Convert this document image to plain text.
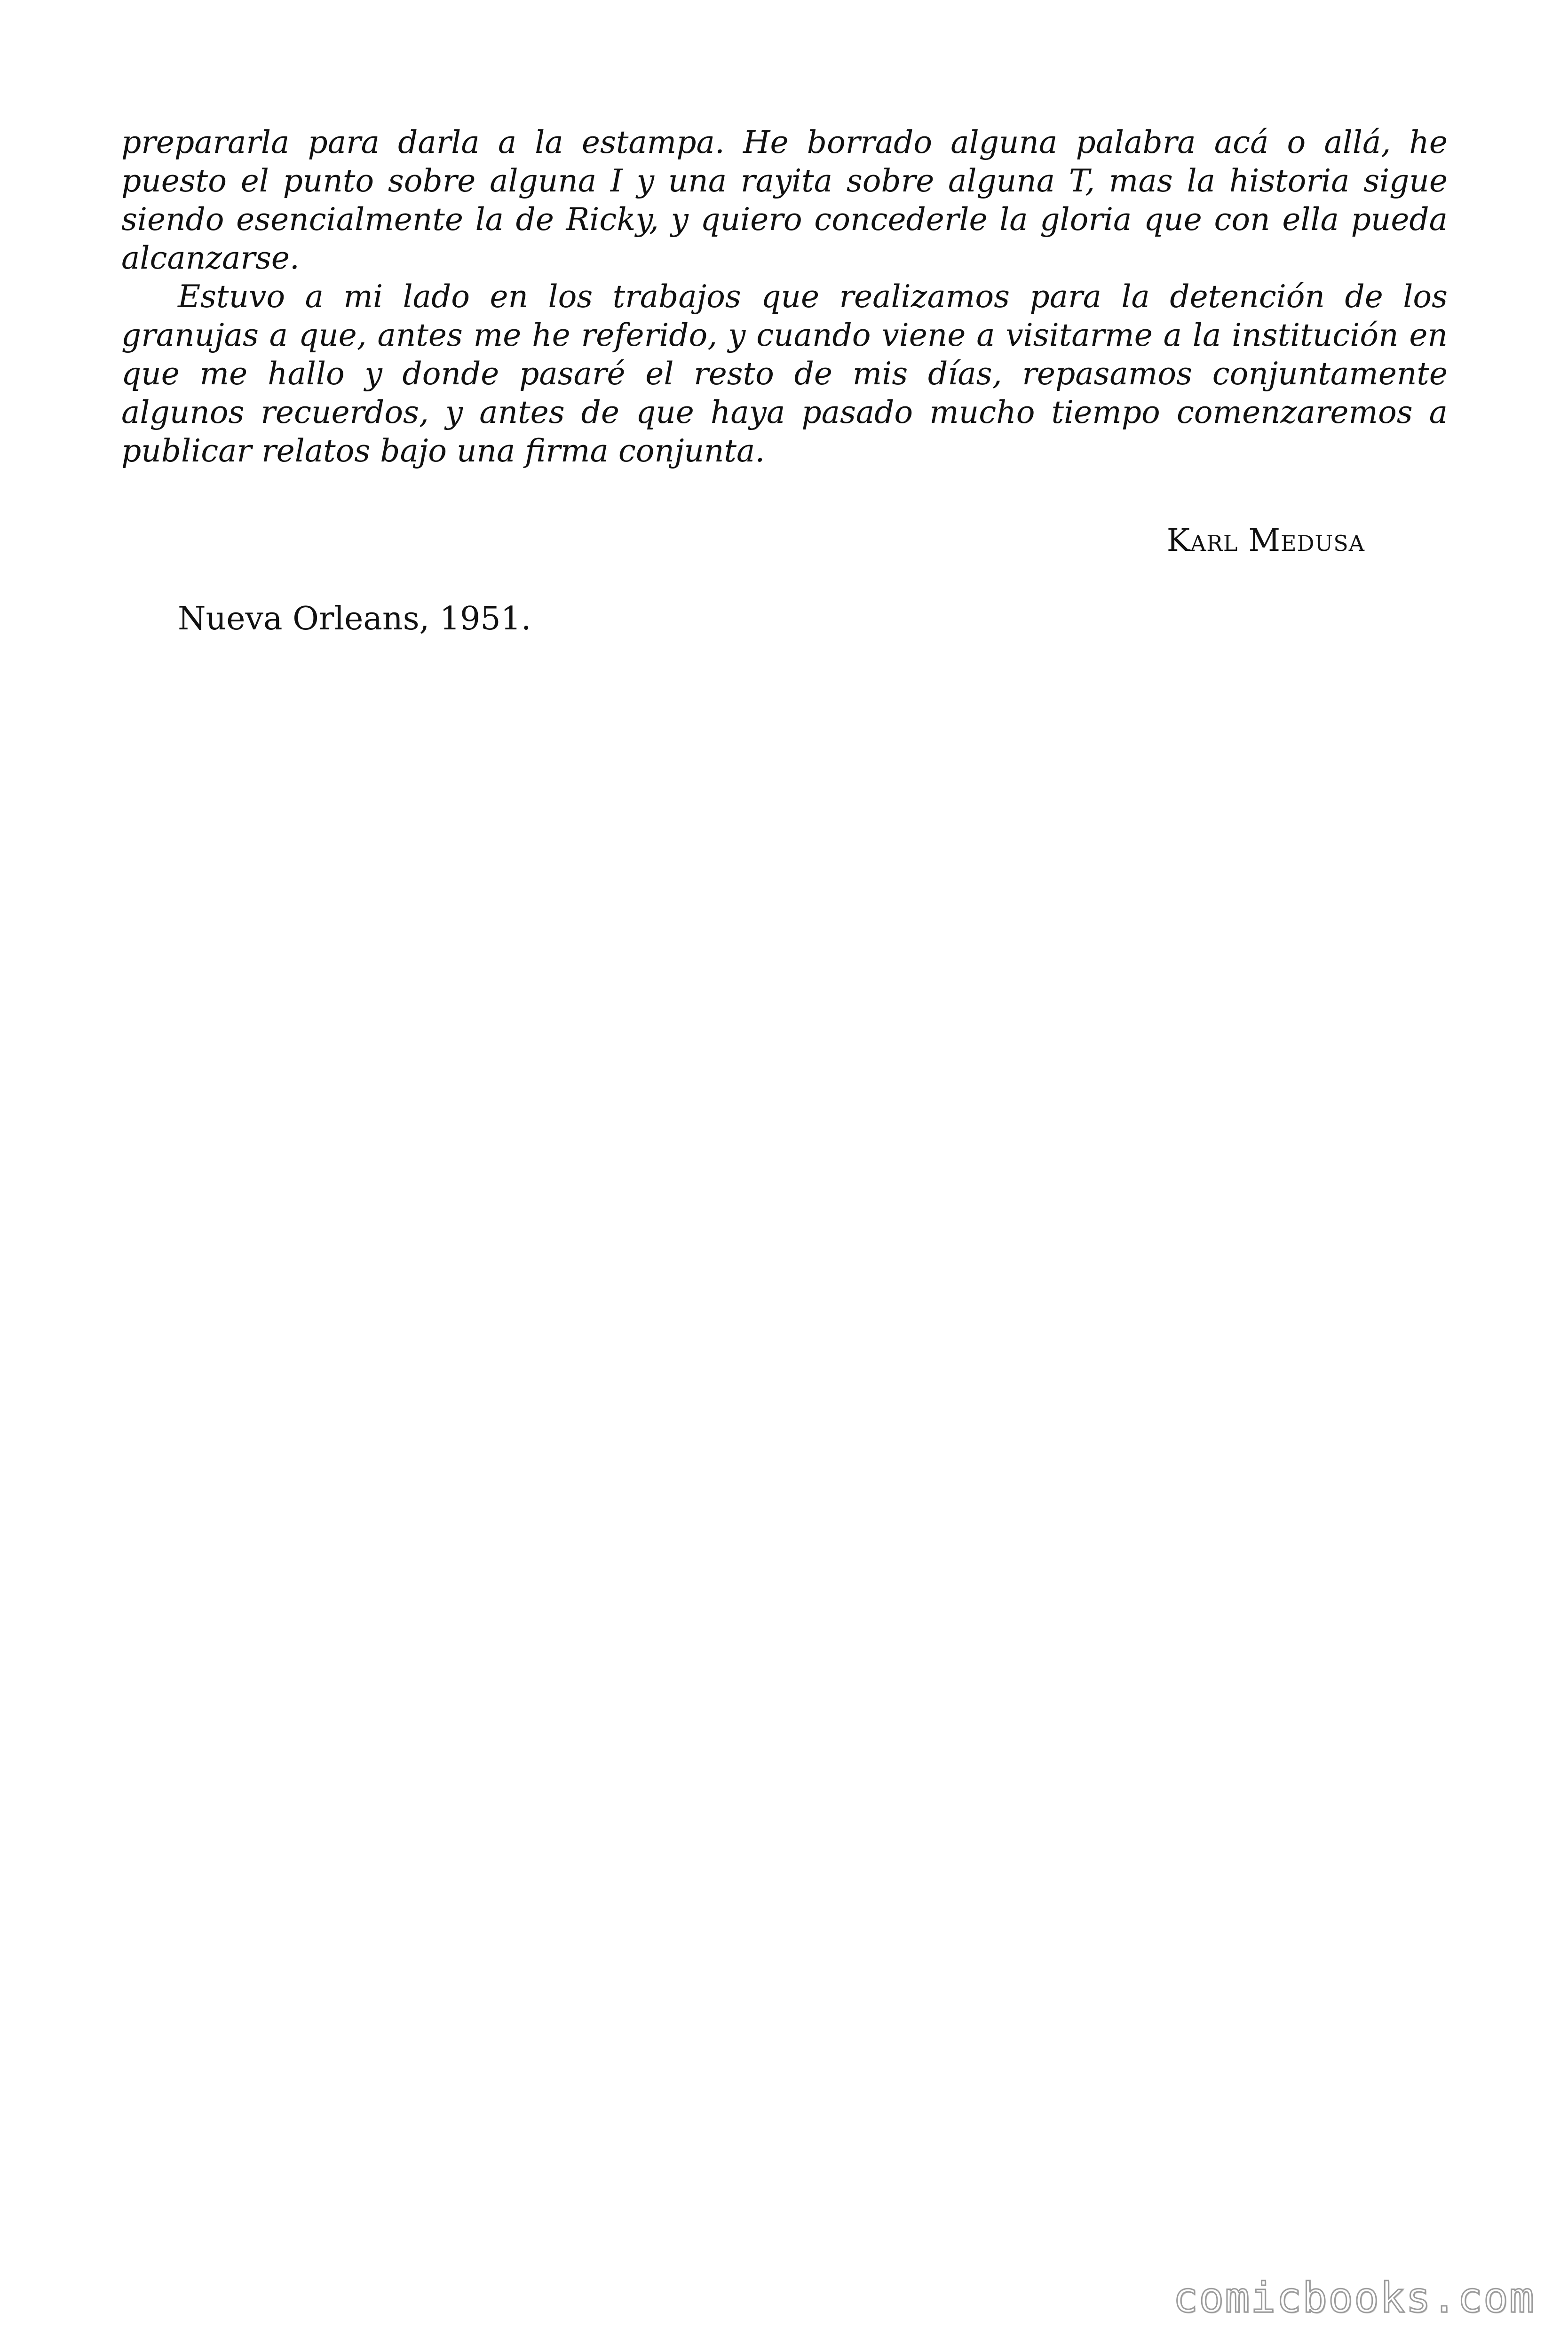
prepararla para darla a la estampa. He borrado alguna palabra acá o allá, he puesto el punto sobre alguna I y una rayita sobre alguna T, mas la historia sigue siendo esencialmente la de Ricky, y quiero concederle la gloria que con ella pueda alcanzarse.

Estuvo a mi lado en los trabajos que realizamos para la detención de los granujas a que, antes me he referido, y cuando viene a visitarme a la institución en que me hallo y donde pasaré el resto de mis días, repasamos conjuntamente algunos recuerdos, y antes de que haya pasado mucho tiempo comenzaremos a publicar relatos bajo una firma conjunta.

Karl Medusa
Nueva Orleans, 1951.
comicbooks.com
